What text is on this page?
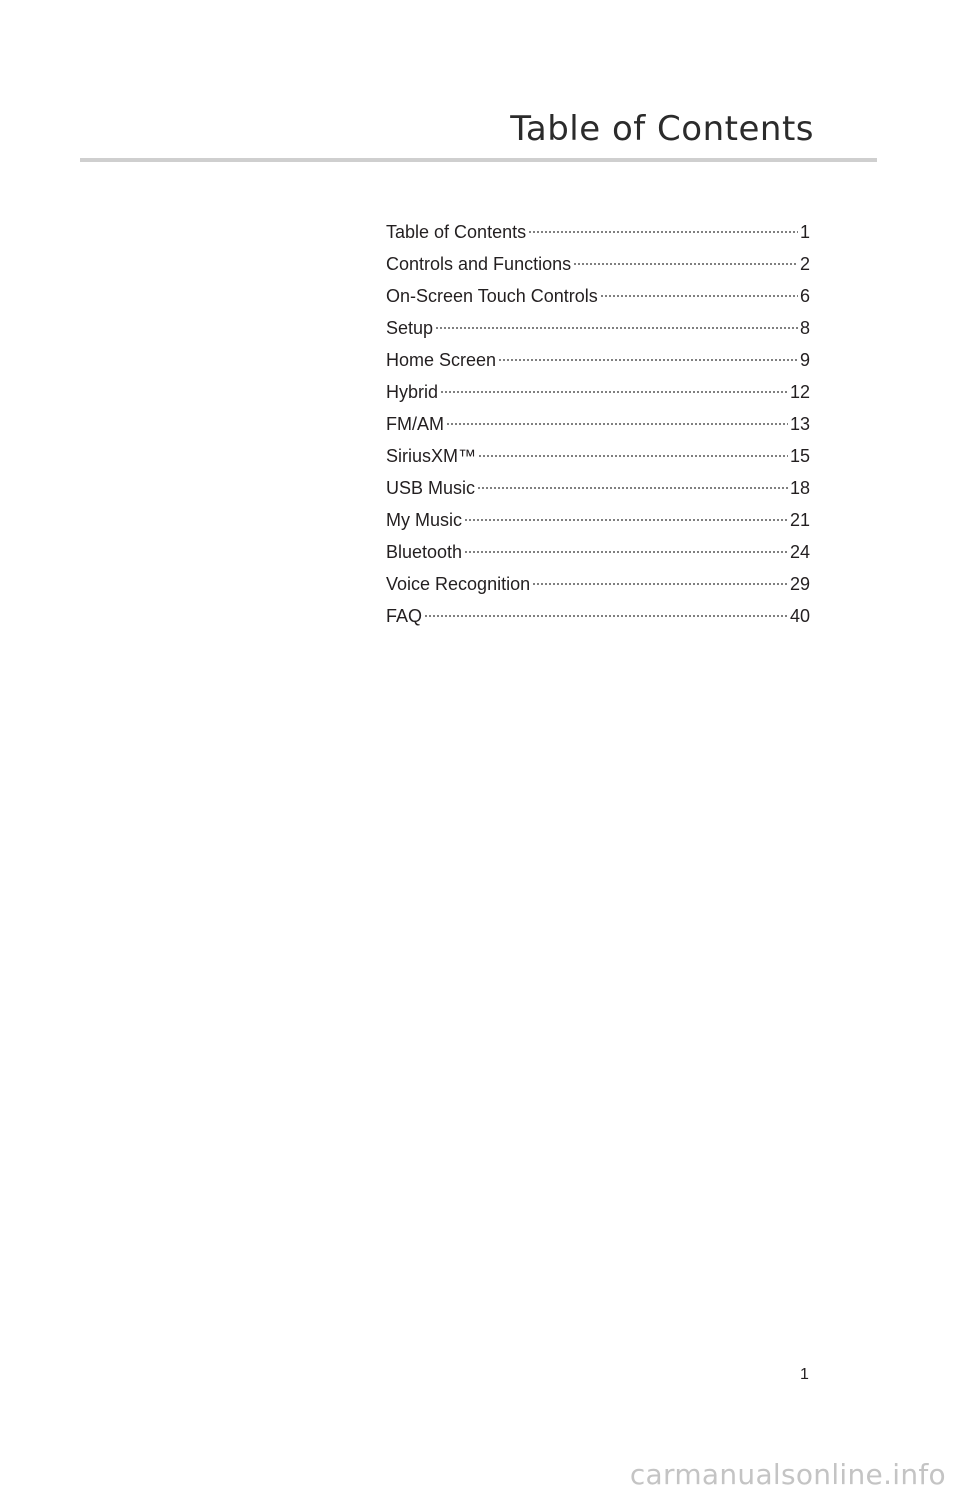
Table of Contents
Table of Contents	1
Controls and Functions	2
On-Screen Touch Controls	6
Setup	8
Home Screen	9
Hybrid	12
FM/AM	13
SiriusXM™	15
USB Music	18
My Music	21
Bluetooth	24
Voice Recognition	29
FAQ	40
1
carmanualsonline.info
